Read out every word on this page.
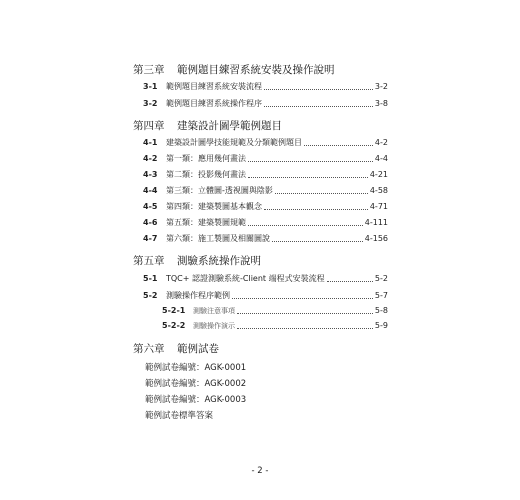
第三章 範例題目練習系統安裝及操作說明
3-1	範例題目練習系統安裝流程	3-2
3-2	範例題目練習系統操作程序	3-8
第四章 建築設計圖學範例題目
4-1	建築設計圖學技能規範及分類範例題目	4-2
4-2	第一類：應用幾何畫法	4-4
4-3	第二類：投影幾何畫法	4-21
4-4	第三類：立體圖-透視圖與陰影	4-58
4-5	第四類：建築製圖基本觀念	4-71
4-6	第五類：建築製圖規範	4-111
4-7	第六類：施工製圖及相關圖說	4-156
第五章 測驗系統操作說明
5-1	TQC+ 認證測驗系統-Client 端程式安裝流程	5-2
5-2	測驗操作程序範例	5-7
5-2-1	測驗注意事項	5-8
5-2-2	測驗操作演示	5-9
第六章 範例試卷
範例試卷編號：AGK-0001
範例試卷編號：AGK-0002
範例試卷編號：AGK-0003
範例試卷標準答案
- 2 -
